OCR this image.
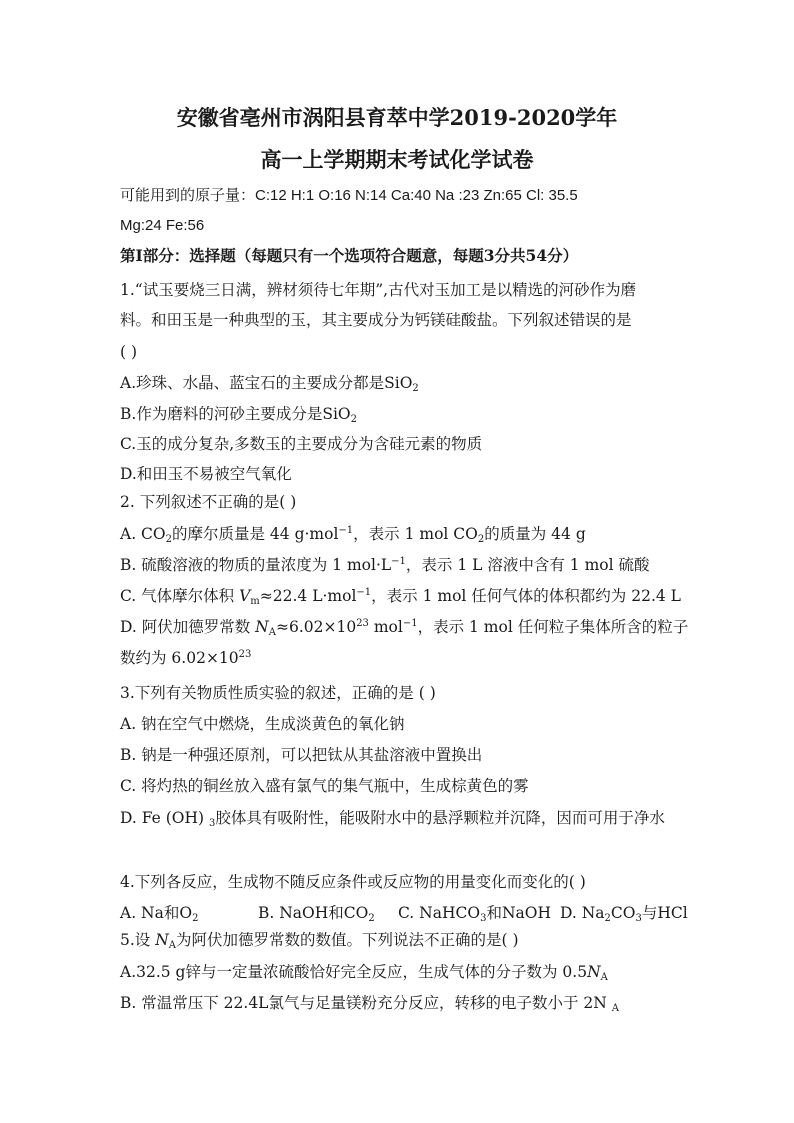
安徽省亳州市涡阳县育萃中学2019-2020学年
高一上学期期末考试化学试卷
可能用到的原子量：C:12 H:1 O:16 N:14 Ca:40 Na :23 Zn:65 Cl: 35.5
Mg:24 Fe:56
第Ⅰ部分：选择题（每题只有一个选项符合题意，每题3分共54分）
1.“试玉要烧三日满，辨材须待七年期”,古代对玉加工是以精选的河砂作为磨
料。和田玉是一种典型的玉，其主要成分为钙镁硅酸盐。下列叙述错误的是
( )
A.珍珠、水晶、蓝宝石的主要成分都是SiO$_2$
B.作为磨料的河砂主要成分是SiO$_2$
C.玉的成分复杂,多数玉的主要成分为含硅元素的物质
D.和田玉不易被空气氧化
2. 下列叙述不正确的是( )
A. $CO_2$的摩尔质量是 44 g·mol$^{-1}$，表示 1 mol $CO_2$的质量为 44 g
B. 硫酸溶液的物质的量浓度为 1 $mol\cdot L^{-1}$，表示 1 L 溶液中含有 1 mol 硫酸
C. 气体摩尔体积 $V_m\approx 22.4$ L·mol$^{-1}$，表示 1 mol 任何气体的体积都约为 22.4 L
D. 阿伏加德罗常数 $N_A\approx 6.02\times 10^{23}$ mol$^{-1}$，表示 1 mol 任何粒子集体所含的粒子
数约为 $6.02\times 10^{23}$
3.下列有关物质性质实验的叙述，正确的是 ( )
A. 钠在空气中燃烧，生成淡黄色的氧化钠
B. 钠是一种强还原剂，可以把钛从其盐溶液中置换出
C. 将灼热的铜丝放入盛有氯气的集气瓶中，生成棕黄色的雾
D. Fe (OH) $_3$胶体具有吸附性，能吸附水中的悬浮颗粒并沉降，因而可用于净水
4.下列各反应，生成物不随反应条件或反应物的用量变化而变化的( )
A. Na和$O_2$	B. NaOH和$CO_2$ C. NaHCO$_3$和NaOH D. $Na_2CO_3$与HCl
5.设 $N_A$为阿伏加德罗常数的数值。下列说法不正确的是( )
A.32.5 g锌与一定量浓硫酸恰好完全反应，生成气体的分子数为 $0.5N_A$
B. 常温常压下 22.4L氯气与足量镁粉充分反应，转移的电子数小于 2N $_A$
